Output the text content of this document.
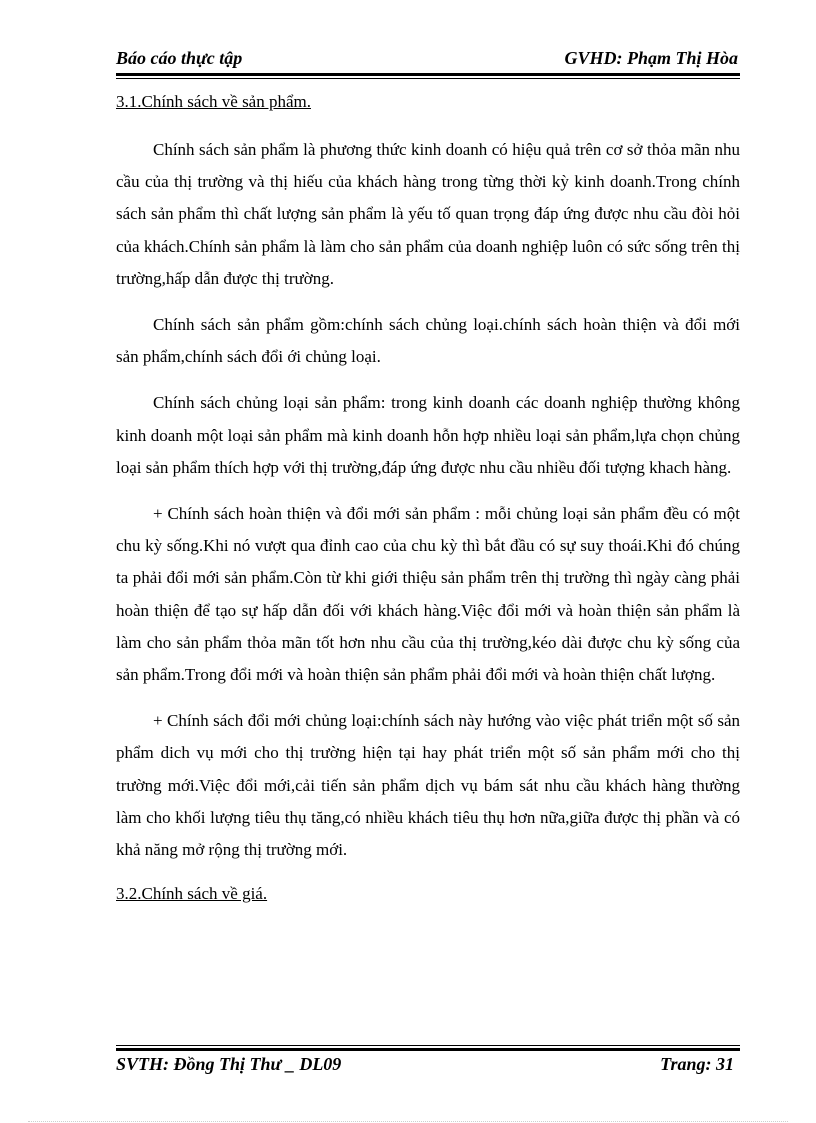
Báo cáo thực tập	GVHD: Phạm Thị Hòa

3.1.Chính sách về sản phẩm.

Chính sách sản phẩm là phương thức kinh doanh có hiệu quả trên cơ sở thỏa mãn nhu cầu của thị trường và thị hiếu của khách hàng trong từng thời kỳ kinh doanh.Trong chính sách sản phẩm thì chất lượng sản phẩm là yếu tố quan trọng đáp ứng được nhu cầu đòi hỏi của khách.Chính sản phẩm là làm cho sản phẩm của doanh nghiệp luôn có sức sống trên thị trường,hấp dẫn được thị trường.

Chính sách sản phẩm gồm:chính sách chủng loại.chính sách hoàn thiện và đổi mới sản phẩm,chính sách đổi ới chủng loại.

Chính sách chủng loại sản phẩm: trong kinh doanh các doanh nghiệp thường không kinh doanh một loại sản phẩm mà kinh doanh hỗn hợp nhiều loại sản phẩm,lựa chọn chủng loại sản phẩm thích hợp với thị trường,đáp ứng được nhu cầu nhiều đối tượng khach hàng.

+ Chính sách hoàn thiện và đổi mới sản phẩm : mỗi chủng loại sản phẩm đều có một chu kỳ sống.Khi nó vượt qua đỉnh cao của chu kỳ thì bắt đầu có sự suy thoái.Khi đó chúng ta phải đổi mới sản phẩm.Còn từ khi giới thiệu sản phẩm trên thị trường thì ngày càng phải hoàn thiện để tạo sự hấp dẫn đối với khách hàng.Việc đổi mới và hoàn thiện sản phẩm là làm cho sản phẩm thỏa mãn tốt hơn nhu cầu của thị trường,kéo dài được chu kỳ sống của sản phẩm.Trong đổi mới và hoàn thiện sản phẩm phải đổi mới và hoàn thiện chất lượng.

+ Chính sách đổi mới chủng loại:chính sách này hướng vào việc phát triển một số sản phẩm dich vụ mới cho thị trường hiện tại hay phát triển một số sản phẩm mới cho thị trường mới.Việc đổi mới,cải tiến sản phẩm dịch vụ bám sát nhu cầu khách hàng thường làm cho khối lượng tiêu thụ tăng,có nhiều khách tiêu thụ hơn nữa,giữa được thị phần và có khả năng mở rộng thị trường mới.

3.2.Chính sách về giá.

SVTH: Đồng Thị Thư _ DL09	Trang: 31
